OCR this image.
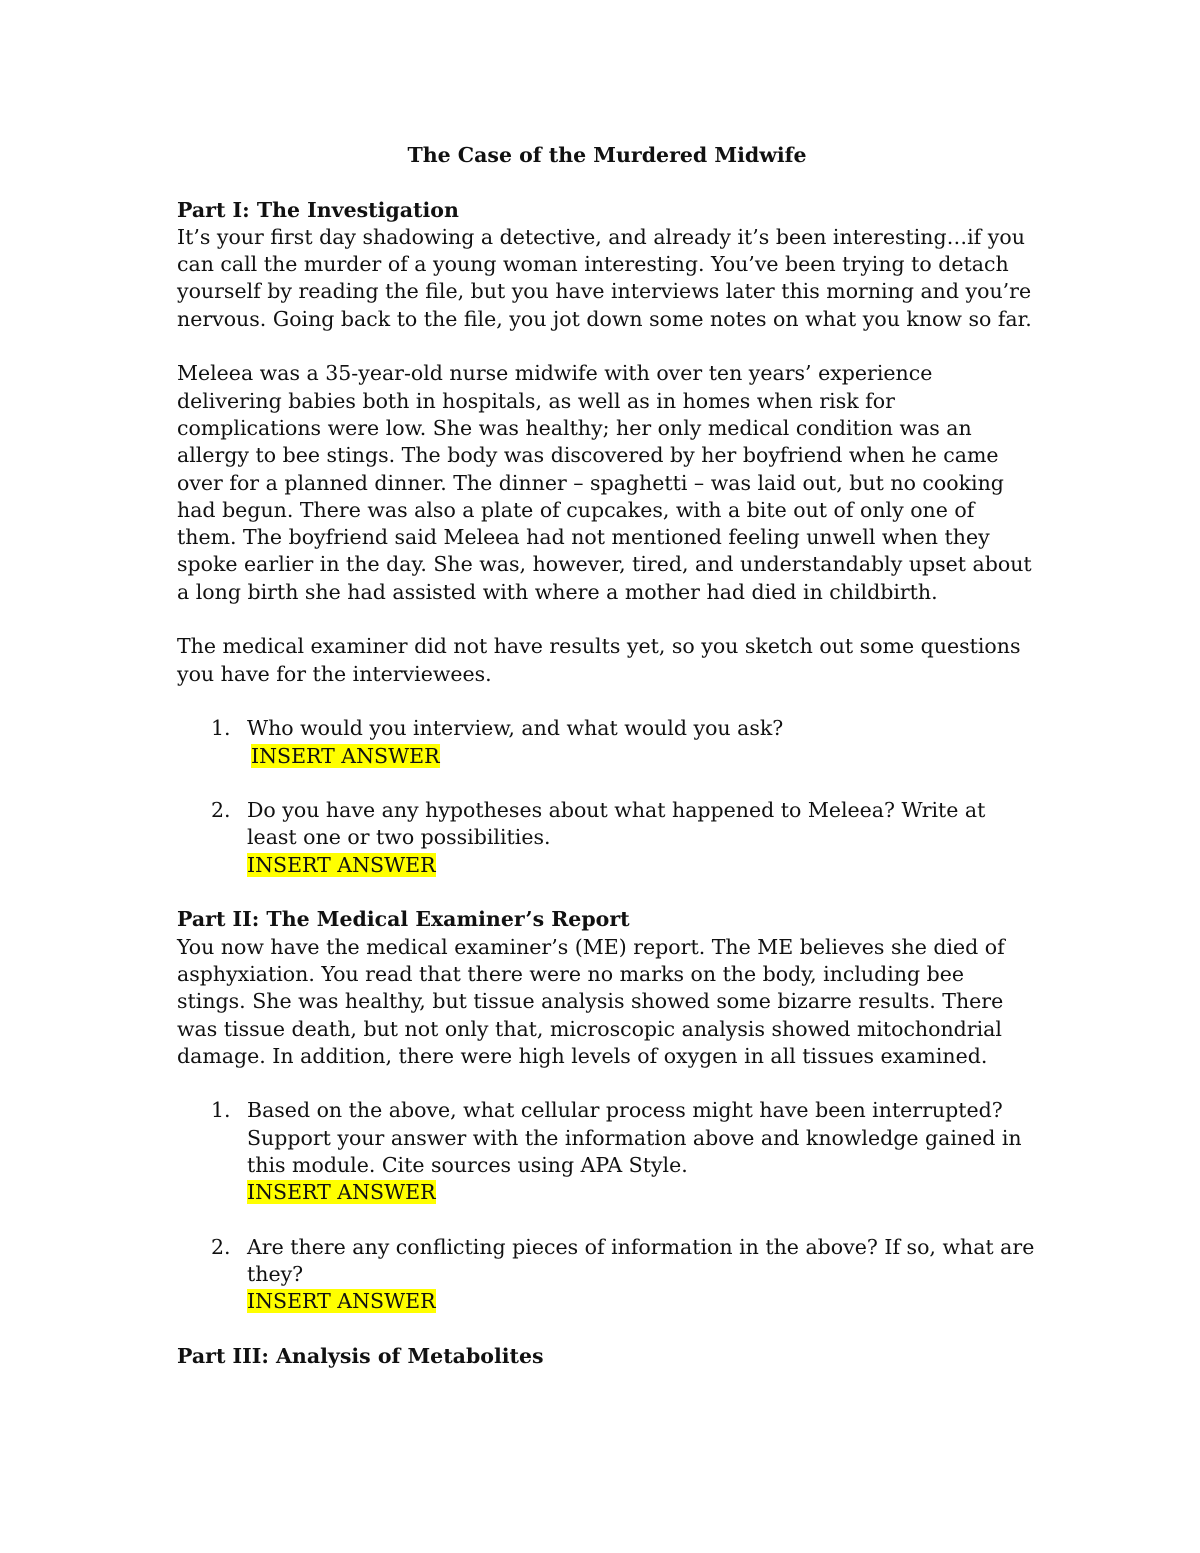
The Case of the Murdered Midwife
Part I: The Investigation

It’s your first day shadowing a detective, and already it’s been interesting…if you can call the murder of a young woman interesting. You’ve been trying to detach yourself by reading the file, but you have interviews later this morning and you’re nervous. Going back to the file, you jot down some notes on what you know so far.

Meleea was a 35-year-old nurse midwife with over ten years’ experience delivering babies both in hospitals, as well as in homes when risk for complications were low. She was healthy; her only medical condition was an allergy to bee stings. The body was discovered by her boyfriend when he came over for a planned dinner. The dinner – spaghetti – was laid out, but no cooking had begun. There was also a plate of cupcakes, with a bite out of only one of them. The boyfriend said Meleea had not mentioned feeling unwell when they spoke earlier in the day. She was, however, tired, and understandably upset about a long birth she had assisted with where a mother had died in childbirth.

The medical examiner did not have results yet, so you sketch out some questions you have for the interviewees.

1. Who would you interview, and what would you ask?
INSERT ANSWER
2. Do you have any hypotheses about what happened to Meleea? Write at least one or two possibilities.
INSERT ANSWER
Part II: The Medical Examiner’s Report

You now have the medical examiner’s (ME) report. The ME believes she died of asphyxiation. You read that there were no marks on the body, including bee stings. She was healthy, but tissue analysis showed some bizarre results. There was tissue death, but not only that, microscopic analysis showed mitochondrial damage. In addition, there were high levels of oxygen in all tissues examined.

1. Based on the above, what cellular process might have been interrupted? Support your answer with the information above and knowledge gained in this module. Cite sources using APA Style.
INSERT ANSWER
2. Are there any conflicting pieces of information in the above? If so, what are they?
INSERT ANSWER
Part III: Analysis of Metabolites
